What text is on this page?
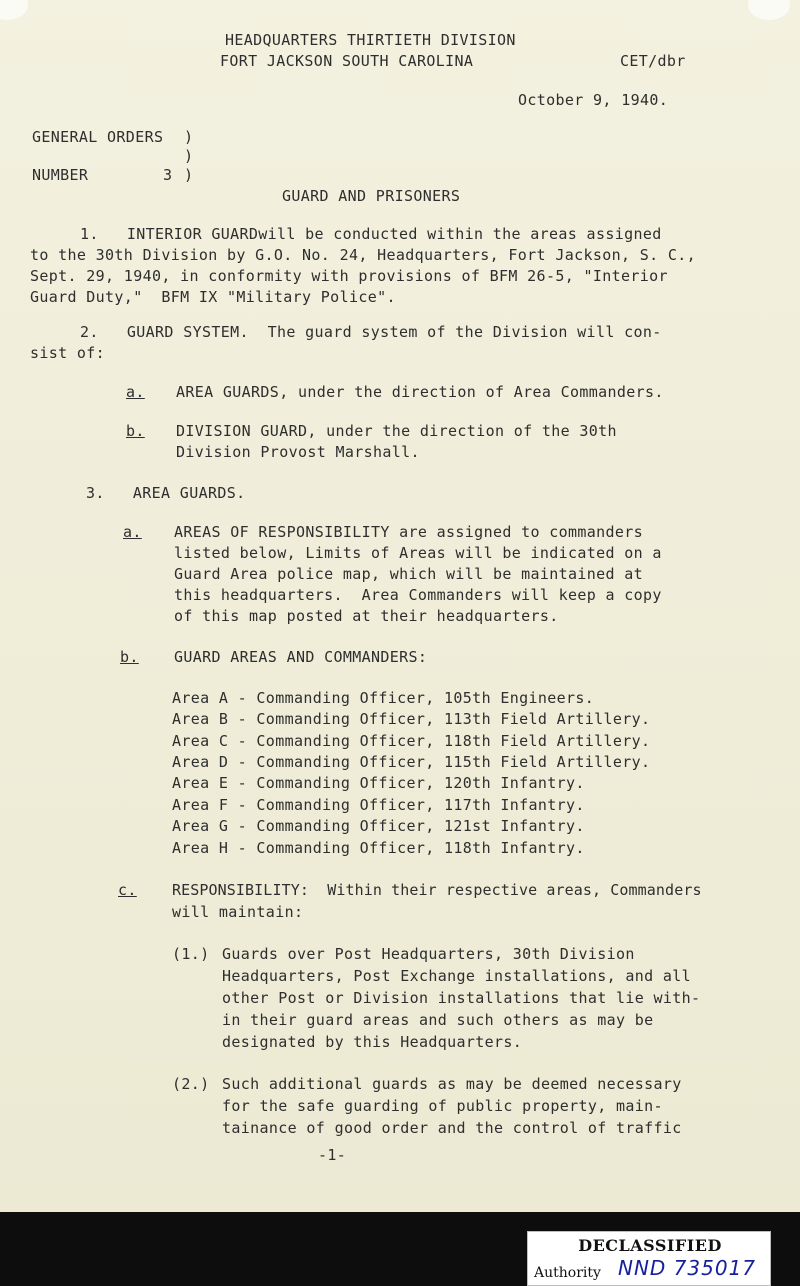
HEADQUARTERS THIRTIETH DIVISION
FORT JACKSON SOUTH CAROLINA	CET/dbr
October 9, 1940.
GENERAL ORDERS )
)
NUMBER	3 )
GUARD AND PRISONERS
1.   INTERIOR GUARDwill be conducted within the areas assigned
to the 30th Division by G.O. No. 24, Headquarters, Fort Jackson, S. C.,
Sept. 29, 1940, in conformity with provisions of BFM 26-5, "Interior
Guard Duty,"  BFM IX "Military Police".
2.   GUARD SYSTEM.  The guard system of the Division will con-
sist of:
a. AREA GUARDS, under the direction of Area Commanders.
b. DIVISION GUARD, under the direction of the 30th
Division Provost Marshall.
3.   AREA GUARDS.
a. AREAS OF RESPONSIBILITY are assigned to commanders
listed below, Limits of Areas will be indicated on a
Guard Area police map, which will be maintained at
this headquarters.  Area Commanders will keep a copy
of this map posted at their headquarters.
b. GUARD AREAS AND COMMANDERS:
Area A - Commanding Officer, 105th Engineers.
Area B - Commanding Officer, 113th Field Artillery.
Area C - Commanding Officer, 118th Field Artillery.
Area D - Commanding Officer, 115th Field Artillery.
Area E - Commanding Officer, 120th Infantry.
Area F - Commanding Officer, 117th Infantry.
Area G - Commanding Officer, 121st Infantry.
Area H - Commanding Officer, 118th Infantry.
c. RESPONSIBILITY:  Within their respective areas, Commanders
will maintain:
(1.) Guards over Post Headquarters, 30th Division
Headquarters, Post Exchange installations, and all
other Post or Division installations that lie with-
in their guard areas and such others as may be
designated by this Headquarters.
(2.) Such additional guards as may be deemed necessary
for the safe guarding of public property, main-
tainance of good order and the control of traffic
-1-
DECLASSIFIED
Authority NND 735017
